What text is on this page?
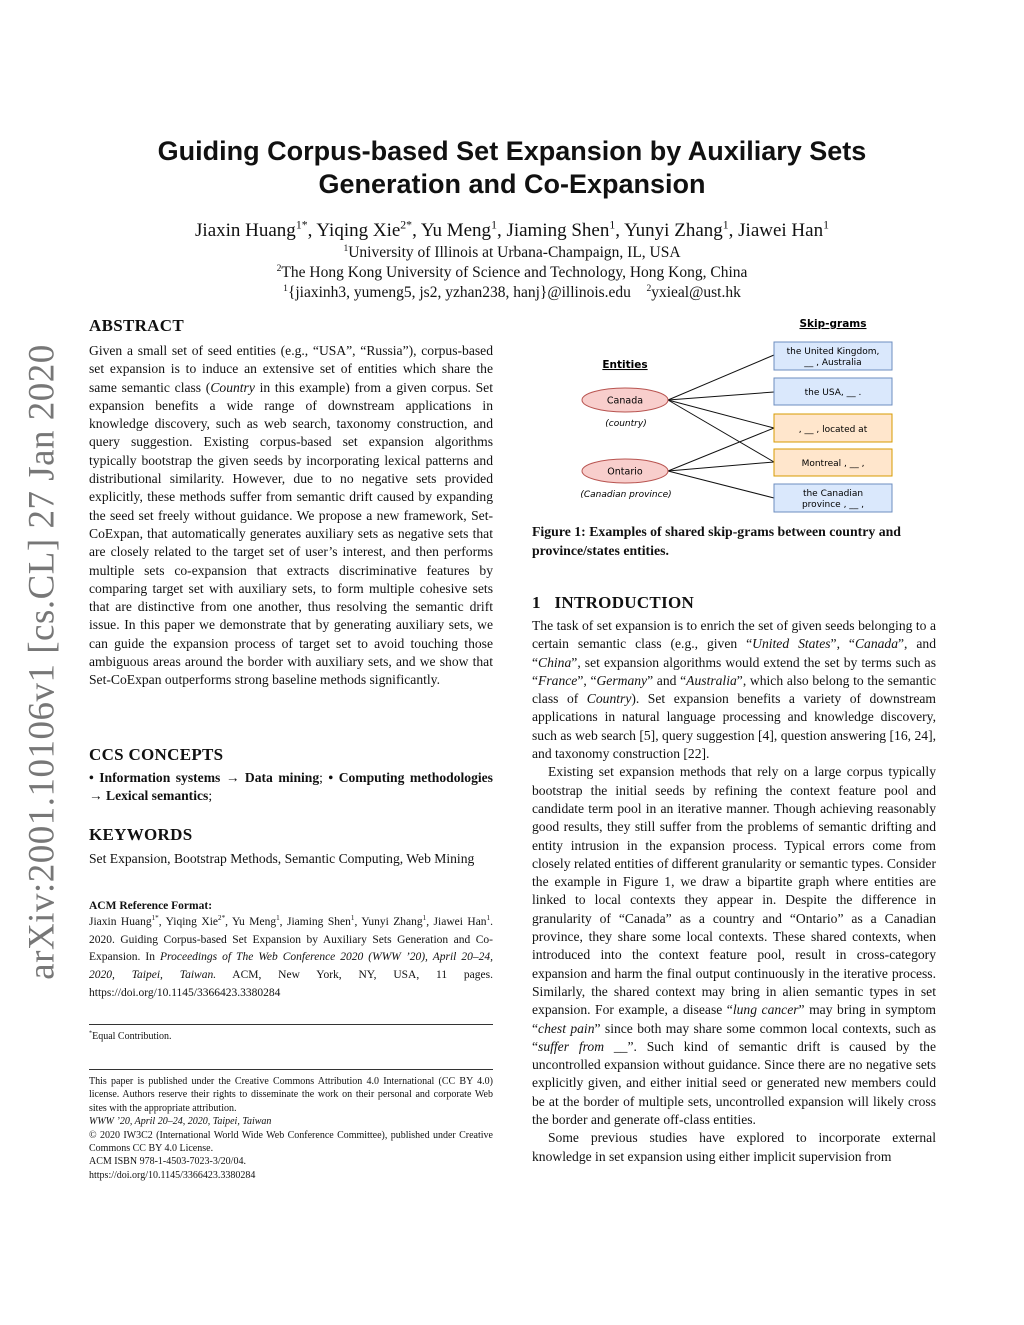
arXiv:2001.10106v1 [cs.CL] 27 Jan 2020
Guiding Corpus-based Set Expansion by Auxiliary Sets
Generation and Co-Expansion
Jiaxin Huang$^{1*}$, Yiqing Xie$^{2*}$, Yu Meng$^1$, Jiaming Shen$^1$, Yunyi Zhang$^1$, Jiawei Han$^1$
$^1$University of Illinois at Urbana-Champaign, IL, USA
$^2$The Hong Kong University of Science and Technology, Hong Kong, China
$^1${jiaxinh3, yumeng5, js2, yzhan238, hanj}@illinois.edu $^2$yxieal@ust.hk
ABSTRACT

Given a small set of seed entities (e.g., “USA”, “Russia”), corpus-based set expansion is to induce an extensive set of entities which share the same semantic class (Country in this example) from a given corpus. Set expansion benefits a wide range of downstream applications in knowledge discovery, such as web search, taxonomy construction, and query suggestion. Existing corpus-based set expansion algorithms typically bootstrap the given seeds by incorporating lexical patterns and distributional similarity. However, due to no negative sets provided explicitly, these methods suffer from semantic drift caused by expanding the seed set freely without guidance. We propose a new framework, Set-CoExpan, that automatically generates auxiliary sets as negative sets that are closely related to the target set of user’s interest, and then performs multiple sets co-expansion that extracts discriminative features by comparing target set with auxiliary sets, to form multiple cohesive sets that are distinctive from one another, thus resolving the semantic drift issue. In this paper we demonstrate that by generating auxiliary sets, we can guide the expansion process of target set to avoid touching those ambiguous areas around the border with auxiliary sets, and we show that Set-CoExpan outperforms strong baseline methods significantly.

CCS CONCEPTS
• Information systems → Data mining; • Computing methodologies → Lexical semantics;
KEYWORDS
Set Expansion, Bootstrap Methods, Semantic Computing, Web Mining
ACM Reference Format:
Jiaxin Huang$^{1*}$, Yiqing Xie$^{2*}$, Yu Meng$^1$, Jiaming Shen$^1$, Yunyi Zhang$^1$, Jiawei Han$^1$. 2020. Guiding Corpus-based Set Expansion by Auxiliary Sets Generation and Co-Expansion. In Proceedings of The Web Conference 2020 (WWW ’20), April 20–24, 2020, Taipei, Taiwan. ACM, New York, NY, USA, 11 pages. https://doi.org/10.1145/3366423.3380284
*Equal Contribution.
This paper is published under the Creative Commons Attribution 4.0 International (CC BY 4.0) license. Authors reserve their rights to disseminate the work on their personal and corporate Web sites with the appropriate attribution.
WWW ’20, April 20–24, 2020, Taipei, Taiwan
© 2020 IW3C2 (International World Wide Web Conference Committee), published under Creative Commons CC BY 4.0 License.
ACM ISBN 978-1-4503-7023-3/20/04.
https://doi.org/10.1145/3366423.3380284
Skip-grams
Entities
Canada
(country)
Ontario
(Canadian province)
the United Kingdom,
__ , Australia
the USA, __ .
, __ , located at
Montreal , __ ,
the Canadian
province , __ ,
Figure 1: Examples of shared skip-grams between country and province/states entities.
1 INTRODUCTION

The task of set expansion is to enrich the set of given seeds belonging to a certain semantic class (e.g., given “United States”, “Canada”, and “China”, set expansion algorithms would extend the set by terms such as “France”, “Germany” and “Australia”, which also belong to the semantic class of Country). Set expansion benefits a variety of downstream applications in natural language processing and knowledge discovery, such as web search [5], query suggestion [4], question answering [16, 24], and taxonomy construction [22].

Existing set expansion methods that rely on a large corpus typically bootstrap the initial seeds by refining the context feature pool and candidate term pool in an iterative manner. Though achieving reasonably good results, they still suffer from the problems of semantic drifting and entity intrusion in the expansion process. Typical errors come from closely related entities of different granularity or semantic types. Consider the example in Figure 1, we draw a bipartite graph where entities are linked to local contexts they appear in. Despite the difference in granularity of “Canada” as a country and “Ontario” as a Canadian province, they share some local contexts. These shared contexts, when introduced into the context feature pool, result in cross-category expansion and harm the final output continuously in the iterative process. Similarly, the shared context may bring in alien semantic types in set expansion. For example, a disease “lung cancer” may bring in symptom “chest pain” since both may share some common local contexts, such as “suffer from __”. Such kind of semantic drift is caused by the uncontrolled expansion without guidance. Since there are no negative sets explicitly given, and either initial seed or generated new members could be at the border of multiple sets, uncontrolled expansion will likely cross the border and generate off-class entities.

Some previous studies have explored to incorporate external knowledge in set expansion using either implicit supervision from
